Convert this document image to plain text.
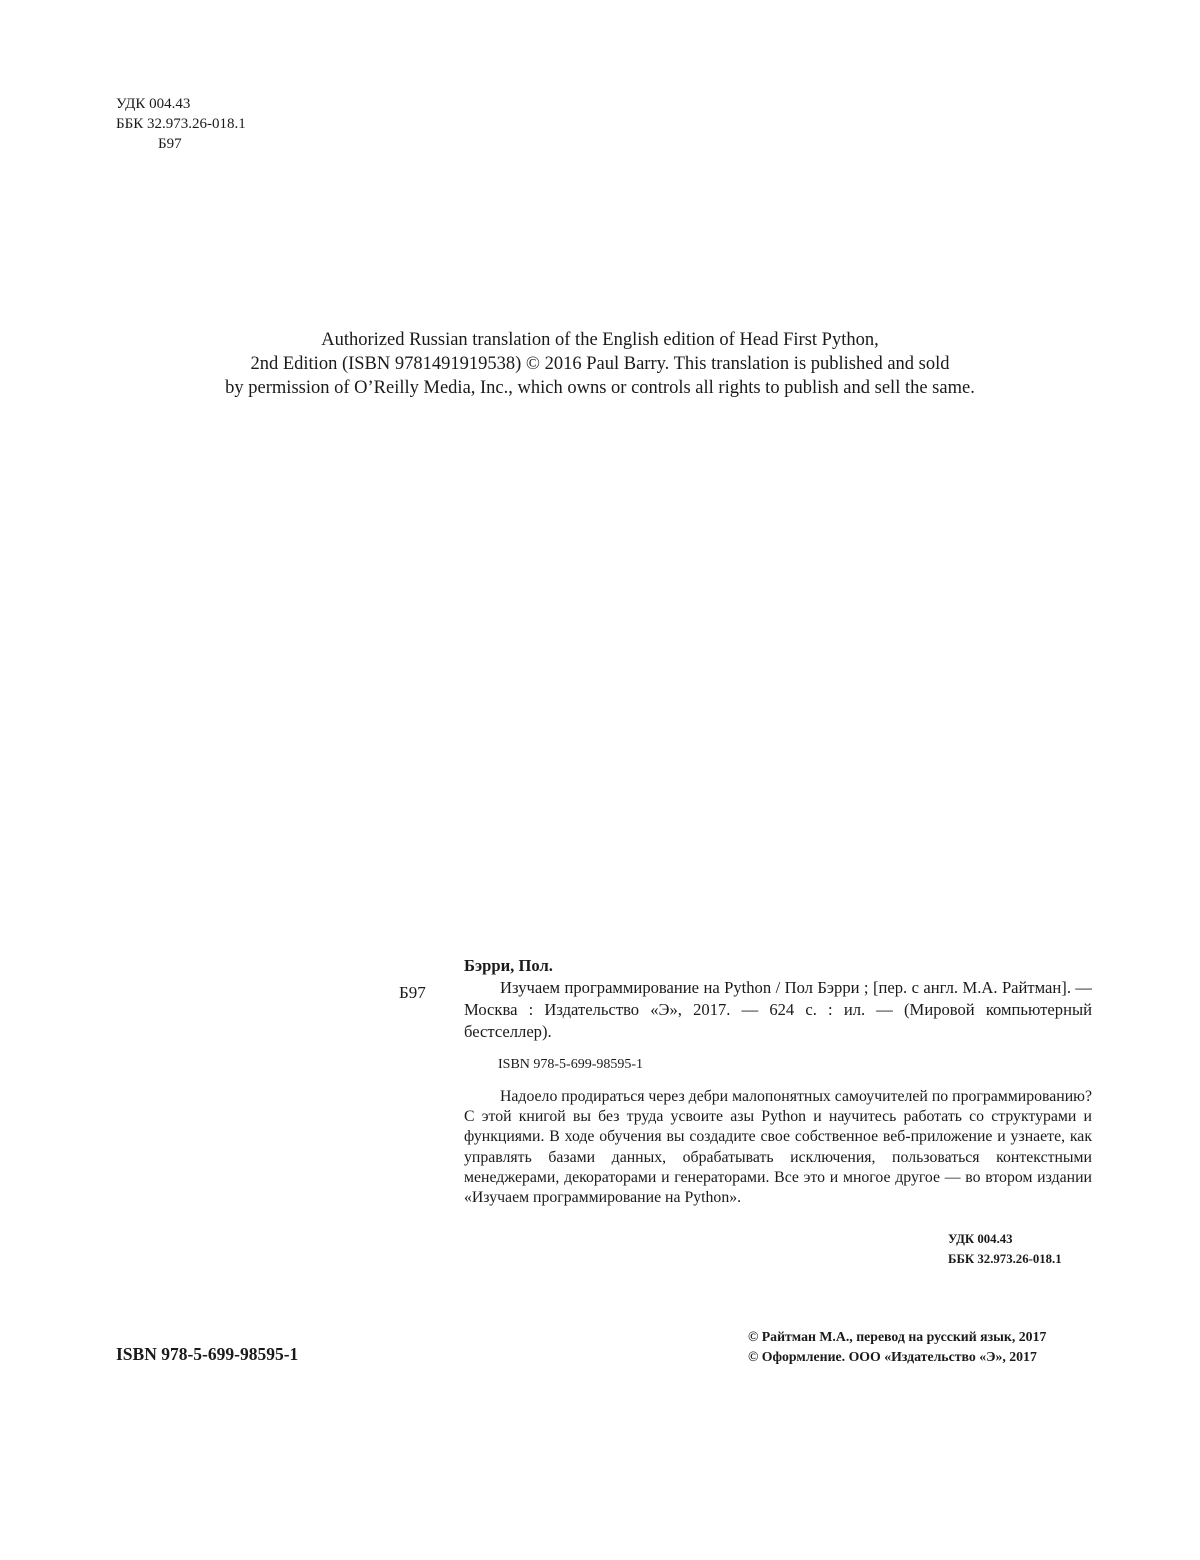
УДК 004.43
ББК 32.973.26-018.1
Б97
Authorized Russian translation of the English edition of Head First Python,
2nd Edition (ISBN 9781491919538) © 2016 Paul Barry. This translation is published and sold
by permission of O’Reilly Media, Inc., which owns or controls all rights to publish and sell the same.
Б97
Бэрри, Пол.

Изучаем программирование на Python / Пол Бэрри ; [пер. с англ. М.А. Райтман]. — Москва : Издательство «Э», 2017. — 624 с. : ил. — (Мировой компьютерный бестселлер).

ISBN 978-5-699-98595-1

Надоело продираться через дебри малопонятных самоучителей по программированию? С этой книгой вы без труда усвоите азы Python и научитесь работать со структурами и функциями. В ходе обучения вы создадите свое собственное веб-приложение и узнаете, как управлять базами данных, обрабатывать исключения, пользоваться контекстными менеджерами, декораторами и генераторами. Все это и многое другое — во втором издании «Изучаем программирование на Python».

УДК 004.43
ББК 32.973.26-018.1
ISBN 978-5-699-98595-1
© Райтман М.А., перевод на русский язык, 2017
© Оформление. ООО «Издательство «Э», 2017
